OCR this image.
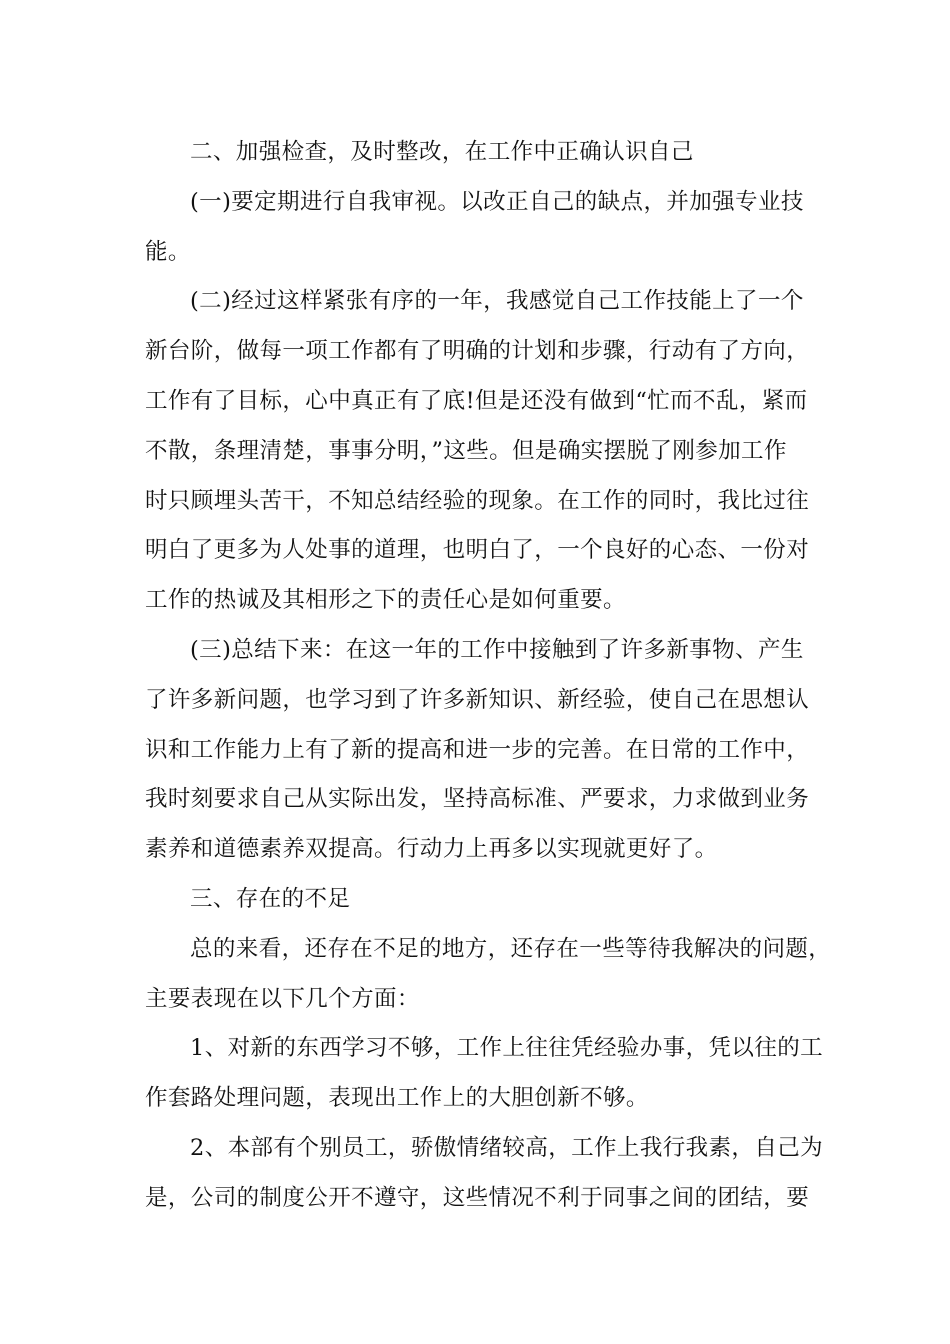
二、加强检查，及时整改，在工作中正确认识自己
(一)要定期进行自我审视。以改正自己的缺点，并加强专业技
能。
(二)经过这样紧张有序的一年，我感觉自己工作技能上了一个
新台阶，做每一项工作都有了明确的计划和步骤，行动有了方向，
工作有了目标，心中真正有了底!但是还没有做到“忙而不乱，紧而
不散，条理清楚，事事分明，”这些。但是确实摆脱了刚参加工作
时只顾埋头苦干，不知总结经验的现象。在工作的同时，我比过往
明白了更多为人处事的道理，也明白了，一个良好的心态、一份对
工作的热诚及其相形之下的责任心是如何重要。
(三)总结下来：在这一年的工作中接触到了许多新事物、产生
了许多新问题，也学习到了许多新知识、新经验，使自己在思想认
识和工作能力上有了新的提高和进一步的完善。在日常的工作中，
我时刻要求自己从实际出发，坚持高标准、严要求，力求做到业务
素养和道德素养双提高。行动力上再多以实现就更好了。
三、存在的不足
总的来看，还存在不足的地方，还存在一些等待我解决的问题，
主要表现在以下几个方面：
1、对新的东西学习不够，工作上往往凭经验办事，凭以往的工
作套路处理问题，表现出工作上的大胆创新不够。
2、本部有个别员工，骄傲情绪较高，工作上我行我素，自己为
是，公司的制度公开不遵守，这些情况不利于同事之间的团结，要
